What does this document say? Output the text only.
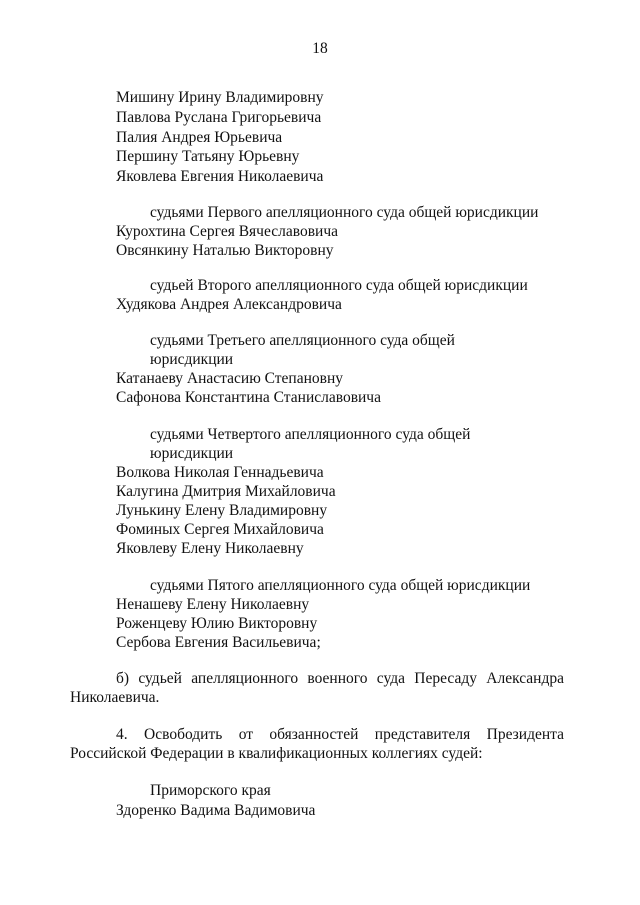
18
Мишину Ирину Владимировну
Павлова Руслана Григорьевича
Палия Андрея Юрьевича
Першину Татьяну Юрьевну
Яковлева Евгения Николаевича
судьями Первого апелляционного суда общей юрисдикции
Курохтина Сергея Вячеславовича
Овсянкину Наталью Викторовну
судьей Второго апелляционного суда общей юрисдикции
Худякова Андрея Александровича
судьями Третьего апелляционного суда общей
юрисдикции
Катанаеву Анастасию Степановну
Сафонова Константина Станиславовича
судьями Четвертого апелляционного суда общей
юрисдикции
Волкова Николая Геннадьевича
Калугина Дмитрия Михайловича
Лунькину Елену Владимировну
Фоминых Сергея Михайловича
Яковлеву Елену Николаевну
судьями Пятого апелляционного суда общей юрисдикции
Ненашеву Елену Николаевну
Роженцеву Юлию Викторовну
Сербова Евгения Васильевича;
б) судьей апелляционного военного суда Пересаду Александра
Николаевича.
4. Освободить от обязанностей представителя Президента
Российской Федерации в квалификационных коллегиях судей:
Приморского края
Здоренко Вадима Вадимовича
